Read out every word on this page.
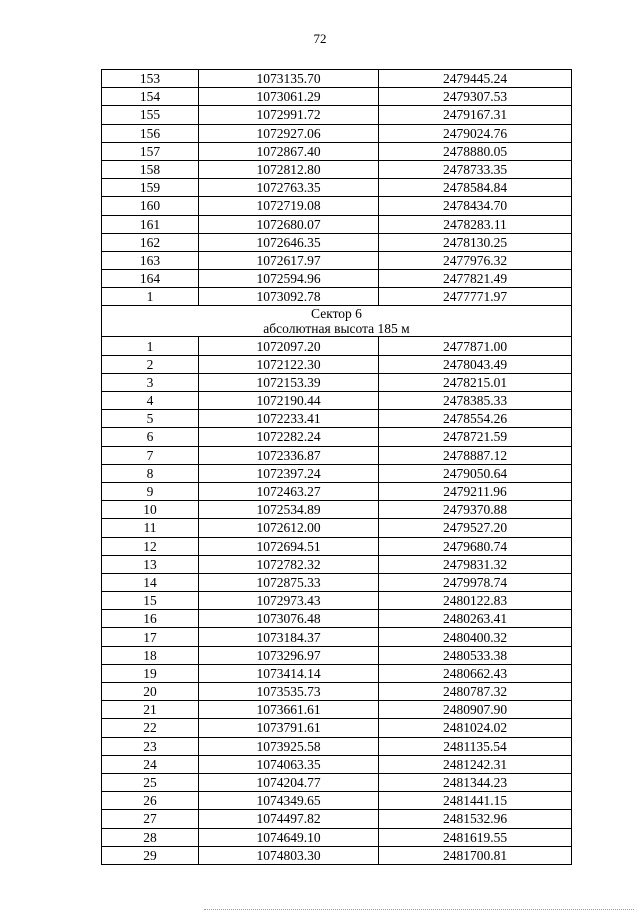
72
153	1073135.70	2479445.24
154	1073061.29	2479307.53
155	1072991.72	2479167.31
156	1072927.06	2479024.76
157	1072867.40	2478880.05
158	1072812.80	2478733.35
159	1072763.35	2478584.84
160	1072719.08	2478434.70
161	1072680.07	2478283.11
162	1072646.35	2478130.25
163	1072617.97	2477976.32
164	1072594.96	2477821.49
1	1073092.78	2477771.97

Сектор 6
абсолютная высота 185 м		

1	1072097.20	2477871.00
2	1072122.30	2478043.49
3	1072153.39	2478215.01
4	1072190.44	2478385.33
5	1072233.41	2478554.26
6	1072282.24	2478721.59
7	1072336.87	2478887.12
8	1072397.24	2479050.64
9	1072463.27	2479211.96
10	1072534.89	2479370.88
11	1072612.00	2479527.20
12	1072694.51	2479680.74
13	1072782.32	2479831.32
14	1072875.33	2479978.74
15	1072973.43	2480122.83
16	1073076.48	2480263.41
17	1073184.37	2480400.32
18	1073296.97	2480533.38
19	1073414.14	2480662.43
20	1073535.73	2480787.32
21	1073661.61	2480907.90
22	1073791.61	2481024.02
23	1073925.58	2481135.54
24	1074063.35	2481242.31
25	1074204.77	2481344.23
26	1074349.65	2481441.15
27	1074497.82	2481532.96
28	1074649.10	2481619.55
29	1074803.30	2481700.81
